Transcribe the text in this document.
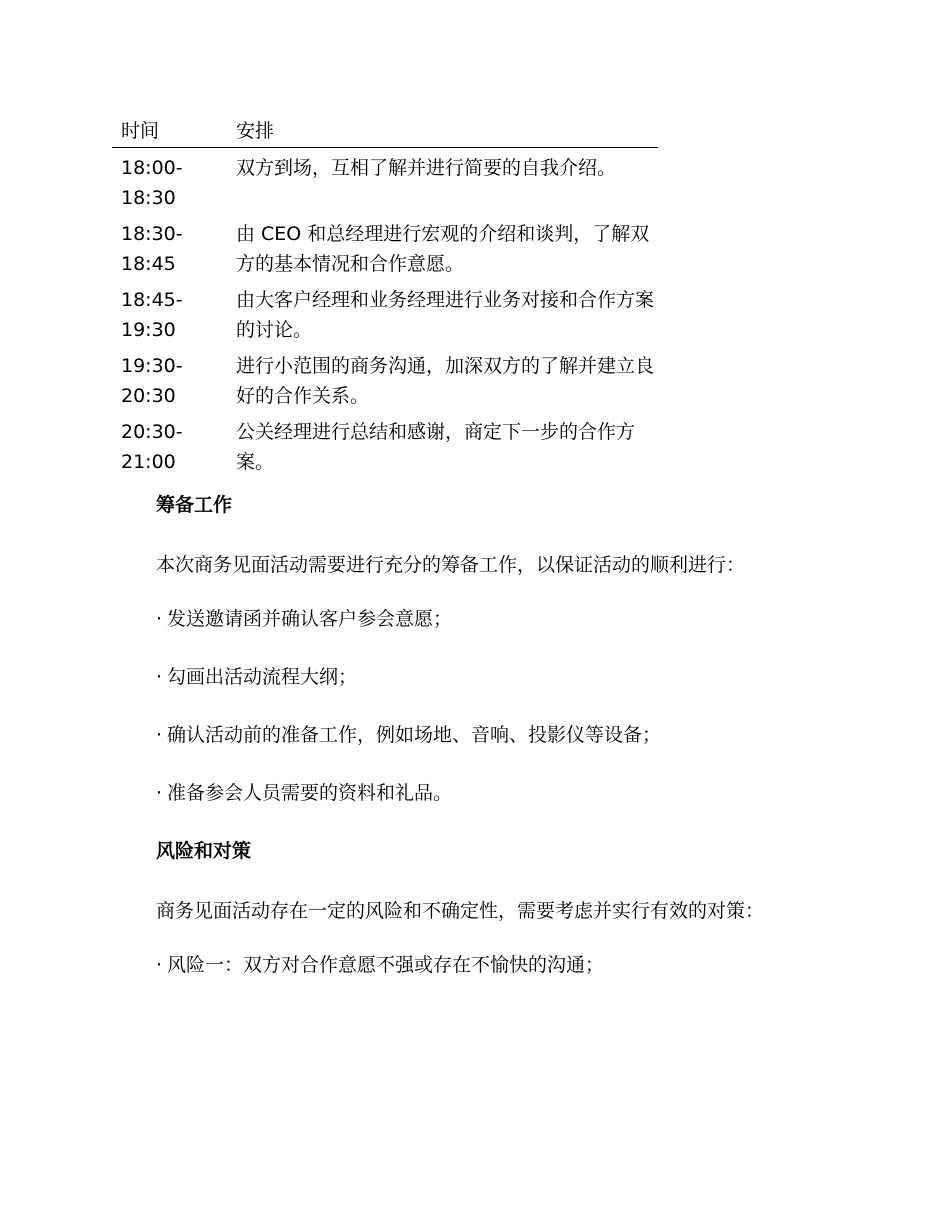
时间	安排

18:00-
18:30	双方到场，互相了解并进行简要的自我介绍。

18:30-
18:45	由 CEO 和总经理进行宏观的介绍和谈判，了解双方的基本情况和合作意愿。

18:45-
19:30	由大客户经理和业务经理进行业务对接和合作方案的讨论。

19:30-
20:30	进行小范围的商务沟通，加深双方的了解并建立良好的合作关系。

20:30-
21:00	公关经理进行总结和感谢，商定下一步的合作方案。

筹备工作

本次商务见面活动需要进行充分的筹备工作，以保证活动的顺利进行：

· 发送邀请函并确认客户参会意愿；

· 勾画出活动流程大纲；

· 确认活动前的准备工作，例如场地、音响、投影仪等设备；

· 准备参会人员需要的资料和礼品。

风险和对策

商务见面活动存在一定的风险和不确定性，需要考虑并实行有效的对策：

· 风险一：双方对合作意愿不强或存在不愉快的沟通；
